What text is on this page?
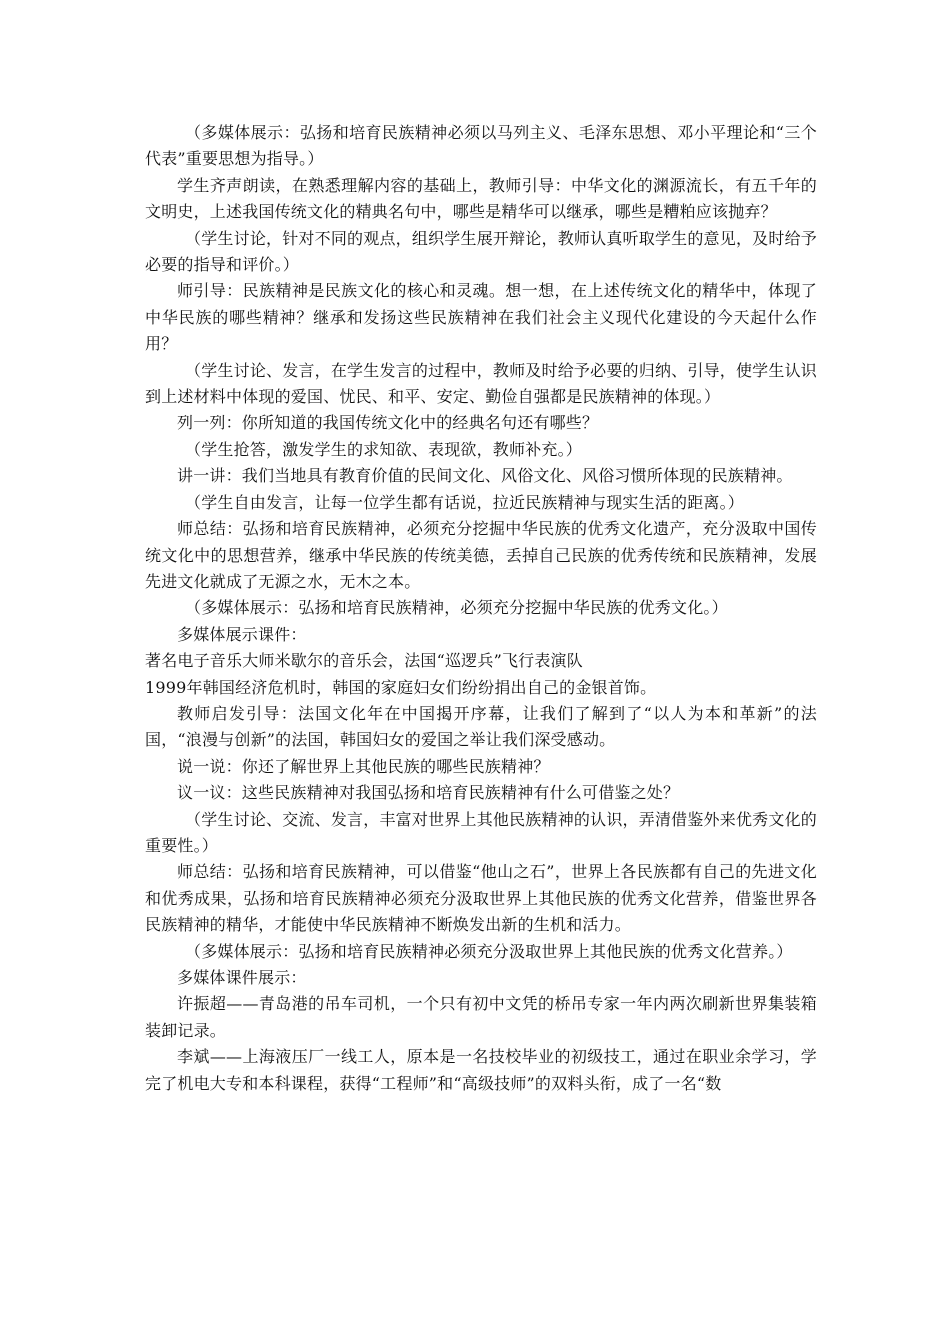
（多媒体展示：弘扬和培育民族精神必须以马列主义、毛泽东思想、邓小平理论和“三个代表”重要思想为指导。）

学生齐声朗读，在熟悉理解内容的基础上，教师引导：中华文化的渊源流长，有五千年的文明史，上述我国传统文化的精典名句中，哪些是精华可以继承，哪些是糟粕应该抛弃？

（学生讨论，针对不同的观点，组织学生展开辩论，教师认真听取学生的意见，及时给予必要的指导和评价。）

师引导：民族精神是民族文化的核心和灵魂。想一想，在上述传统文化的精华中，体现了中华民族的哪些精神？继承和发扬这些民族精神在我们社会主义现代化建设的今天起什么作用？

（学生讨论、发言，在学生发言的过程中，教师及时给予必要的归纳、引导，使学生认识到上述材料中体现的爱国、忧民、和平、安定、勤俭自强都是民族精神的体现。）

列一列：你所知道的我国传统文化中的经典名句还有哪些？

（学生抢答，激发学生的求知欲、表现欲，教师补充。）

讲一讲：我们当地具有教育价值的民间文化、风俗文化、风俗习惯所体现的民族精神。

（学生自由发言，让每一位学生都有话说，拉近民族精神与现实生活的距离。）

师总结：弘扬和培育民族精神，必须充分挖掘中华民族的优秀文化遗产，充分汲取中国传统文化中的思想营养，继承中华民族的传统美德，丢掉自己民族的优秀传统和民族精神，发展先进文化就成了无源之水，无木之本。

（多媒体展示：弘扬和培育民族精神，必须充分挖掘中华民族的优秀文化。）

多媒体展示课件：

著名电子音乐大师米歇尔的音乐会，法国“巡逻兵”飞行表演队

1999年韩国经济危机时，韩国的家庭妇女们纷纷捐出自己的金银首饰。

教师启发引导：法国文化年在中国揭开序幕，让我们了解到了“以人为本和革新”的法国，“浪漫与创新”的法国，韩国妇女的爱国之举让我们深受感动。

说一说：你还了解世界上其他民族的哪些民族精神？

议一议：这些民族精神对我国弘扬和培育民族精神有什么可借鉴之处？

（学生讨论、交流、发言，丰富对世界上其他民族精神的认识，弄清借鉴外来优秀文化的重要性。）

师总结：弘扬和培育民族精神，可以借鉴“他山之石”，世界上各民族都有自己的先进文化和优秀成果，弘扬和培育民族精神必须充分汲取世界上其他民族的优秀文化营养，借鉴世界各民族精神的精华，才能使中华民族精神不断焕发出新的生机和活力。

（多媒体展示：弘扬和培育民族精神必须充分汲取世界上其他民族的优秀文化营养。）

多媒体课件展示：

许振超——青岛港的吊车司机，一个只有初中文凭的桥吊专家一年内两次刷新世界集装箱装卸记录。

李斌——上海液压厂一线工人，原本是一名技校毕业的初级技工，通过在职业余学习，学完了机电大专和本科课程，获得“工程师”和“高级技师”的双料头衔，成了一名“数
